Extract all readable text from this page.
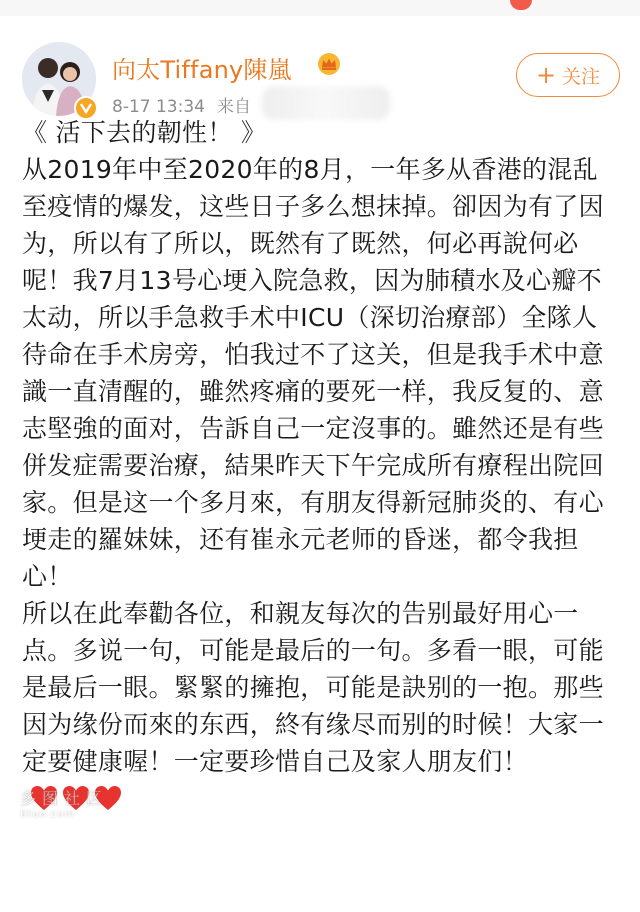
向太Tiffany陳嵐
8-17 13:34 来自
+ 关注

《 活下去的韌性！ 》

从2019年中至2020年的8月，一年多从香港的混乱至疫情的爆发，这些日子多么想抹掉。卻因为有了因为，所以有了所以，既然有了既然，何必再說何必呢！我7月13号心埂入院急救，因为肺積水及心瓣不太动，所以手急救手术中ICU（深切治療部）全隊人待命在手术房旁，怕我过不了这关，但是我手术中意識一直清醒的，雖然疼痛的要死一样，我反复的、意志堅強的面对，告訴自己一定沒事的。雖然还是有些併发症需要治療，結果昨天下午完成所有療程出院回家。但是这一个多月來，有朋友得新冠肺炎的、有心埂走的羅妹妹，还有崔永元老师的昏迷，都令我担心！

所以在此奉勸各位，和親友每次的告别最好用心一点。多说一句，可能是最后的一句。多看一眼，可能是最后一眼。緊緊的擁抱，可能是訣别的一抱。那些因为缘份而來的东西，終有缘尽而别的时候！大家一定要健康喔！一定要珍惜自己及家人朋友们！

多图社区
6tuo.com
